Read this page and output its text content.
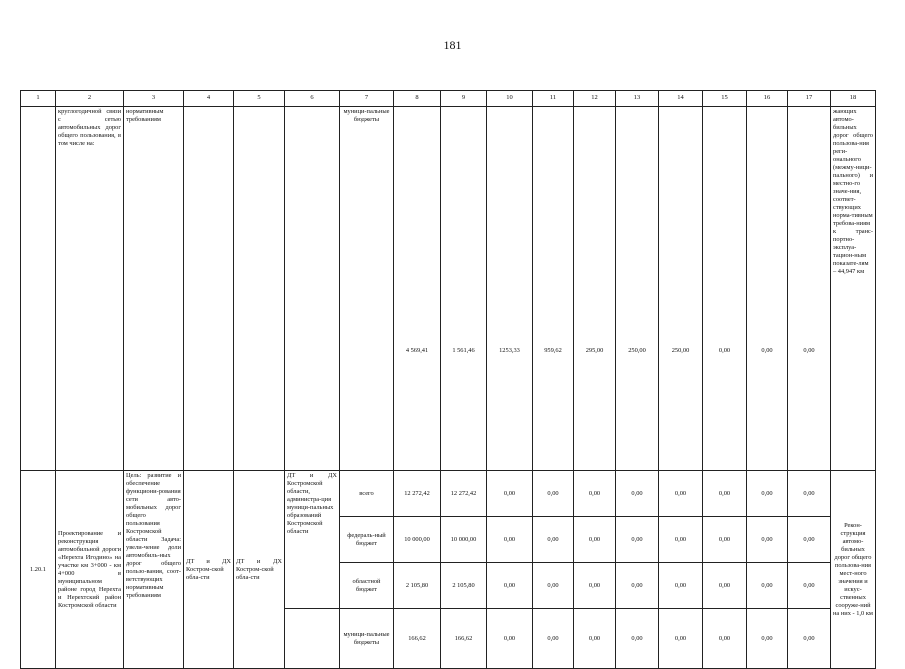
181
1	2	3	4	5	6	7	8	9	10	11	12	13	14	15	16	17	18
	круглогодичной связи с сетью автомобильных дорог общего пользования, в том числе на:	нормативным требованиям				муници-пальные бюджеты	4 569,41	1 561,46	1253,33	959,62	295,00	250,00	250,00	0,00	0,00	0,00	жающих автомо-бильных дорог общего пользова-ния реги-онального (межму-ници-пального) и местно-го значе-ния, соответ-ствующих норма-тивным требова-ниям к транс-портно-эксплуа-тацион-ным показате-лям – 44,947 км
1.20.1	Проектирование и реконструкция автомобильной дороги «Нерехта Игодино» на участке км 3+000 - км 4+000 в муниципальном районе город Нерехта и Нерехтский район Костромской области	Цель: развитие и обеспечение функциони-рования сети авто-мобильных дорог общего пользования Костромской области Задача: увели-чение доли автомобиль-ных дорог общего пользо-вания, соот-ветствующих нормативным требованиям	ДТ и ДХ Костром-ской обла-сти	ДТ и ДХ Костром-ской обла-сти	ДТ и ДХ Костромской области, администра-ция муници-пальных образований Костромской области	всего	12 272,42	12 272,42	0,00	0,00	0,00	0,00	0,00	0,00	0,00	0,00	Рекон-струкция автомо-бильных дорог общего пользова-ния мест-ного значения и искус-ственных сооруже-ний на них - 1,0 км
						федераль-ный бюджет	10 000,00	10 000,00	0,00	0,00	0,00	0,00	0,00	0,00	0,00	0,00	
						областной бюджет	2 105,80	2 105,80	0,00	0,00	0,00	0,00	0,00	0,00	0,00	0,00	
						муници-пальные бюджеты	166,62	166,62	0,00	0,00	0,00	0,00	0,00	0,00	0,00	0,00	
